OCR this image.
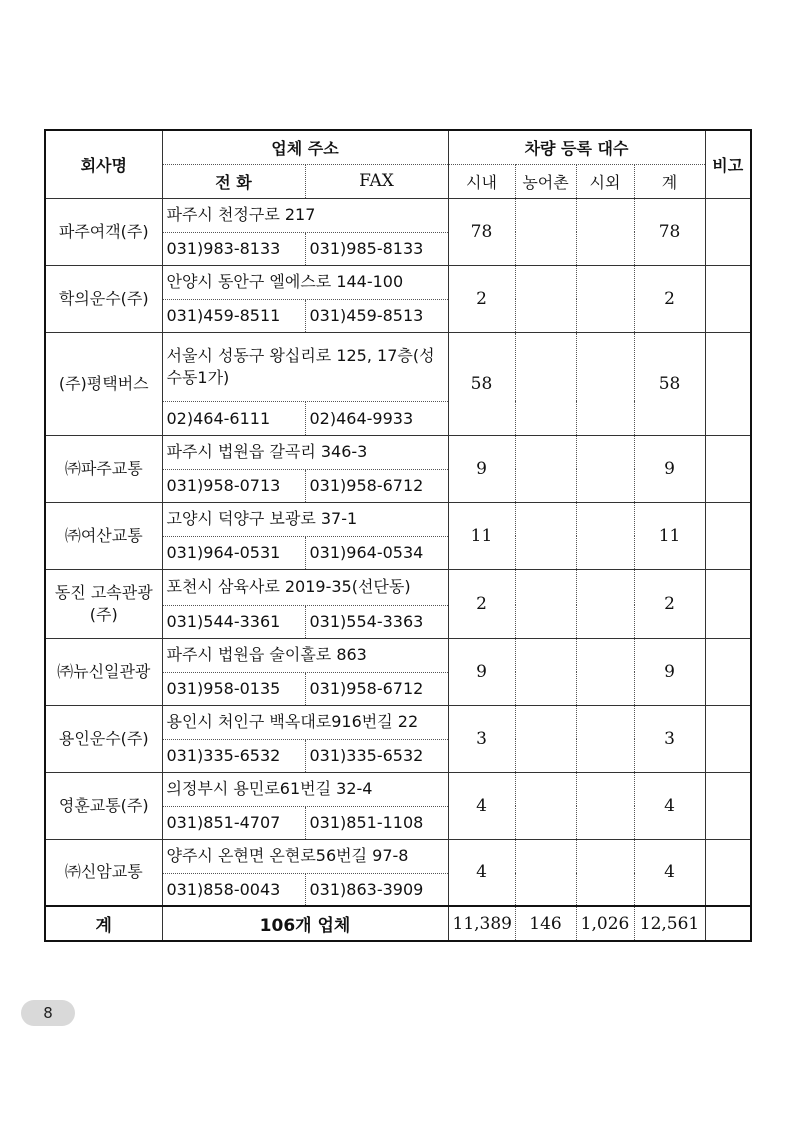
회사명	업체 주소		차량 등록 대수				비고
	전 화	FAX	시내	농어촌	시외	계	
파주여객(주)	파주시 천정구로 217		78			78	
	031)983-8133	031)985-8133					
학의운수(주)	안양시 동안구 엘에스로 144-100		2			2	
	031)459-8511	031)459-8513					
(주)평택버스	서울시 성동구 왕십리로 125, 17층(성수동1가)		58			58	
	02)464-6111	02)464-9933					
㈜파주교통	파주시 법원읍 갈곡리 346-3		9			9	
	031)958-0713	031)958-6712					
㈜여산교통	고양시 덕양구 보광로 37-1		11			11	
	031)964-0531	031)964-0534					
동진 고속관광(주)	포천시 삼육사로 2019-35(선단동)		2			2	
	031)544-3361	031)554-3363					
㈜뉴신일관광	파주시 법원읍 술이홀로 863		9			9	
	031)958-0135	031)958-6712					
용인운수(주)	용인시 처인구 백옥대로916번길 22		3			3	
	031)335-6532	031)335-6532					
영훈교통(주)	의정부시 용민로61번길 32-4		4			4	
	031)851-4707	031)851-1108					
㈜신암교통	양주시 온현면 온현로56번길 97-8		4			4	
	031)858-0043	031)863-3909					
계	106개 업체		11,389	146	1,026	12,561	
8
